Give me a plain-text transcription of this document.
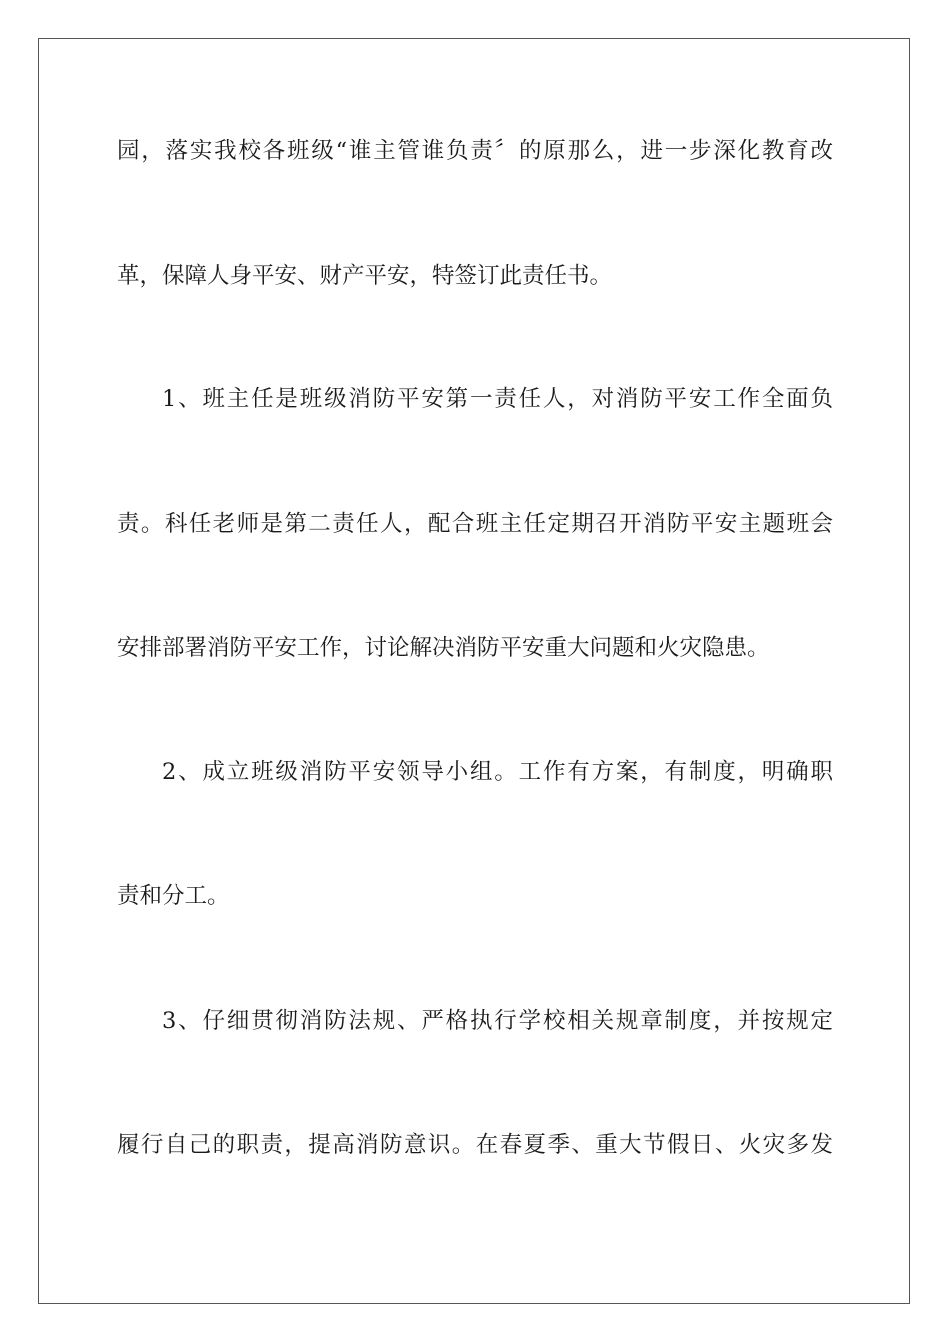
园，落实我校各班级“谁主管谁负责〞的原那么，进一步深化教育改
革，保障人身平安、财产平安，特签订此责任书。
1、班主任是班级消防平安第一责任人，对消防平安工作全面负
责。科任老师是第二责任人，配合班主任定期召开消防平安主题班会
安排部署消防平安工作，讨论解决消防平安重大问题和火灾隐患。
2、成立班级消防平安领导小组。工作有方案，有制度，明确职
责和分工。
3、仔细贯彻消防法规、严格执行学校相关规章制度，并按规定
履行自己的职责，提高消防意识。在春夏季、重大节假日、火灾多发
